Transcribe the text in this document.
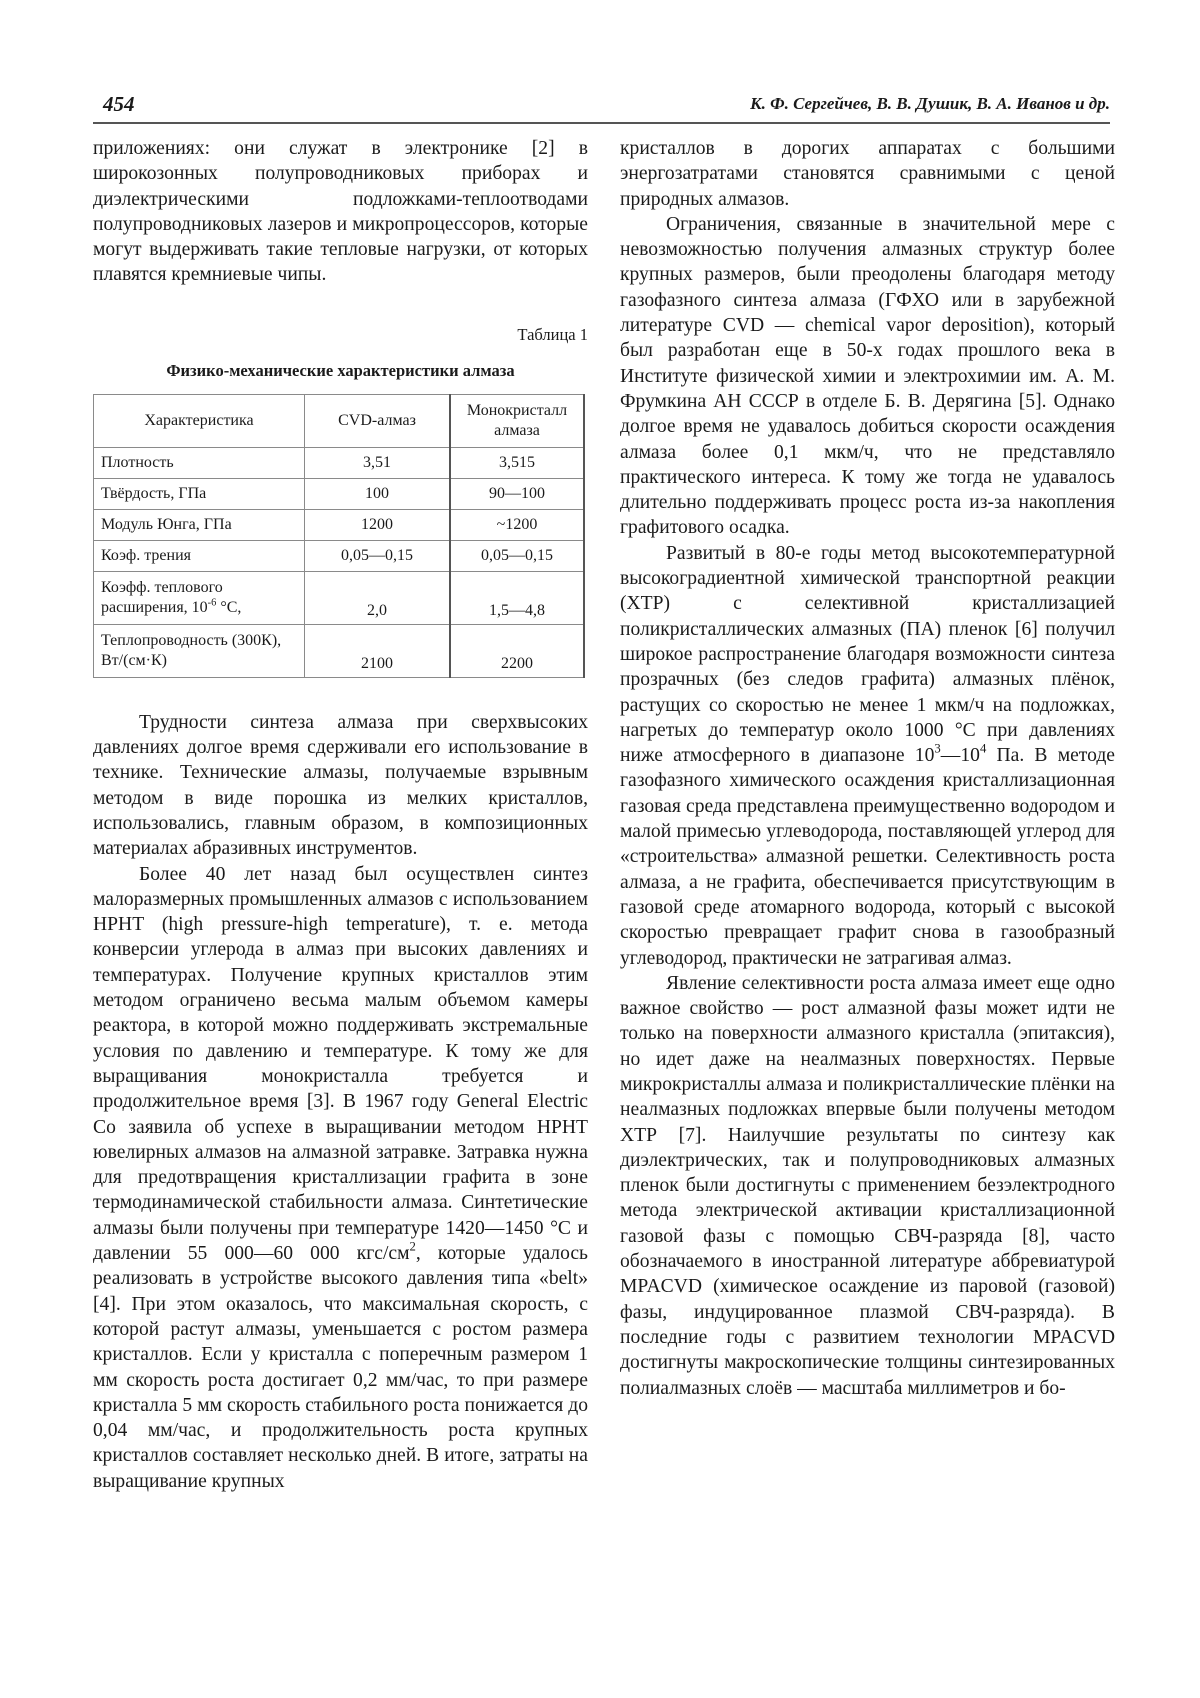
454	К. Ф. Сергейчев, В. В. Душик, В. А. Иванов и др.

приложениях: они служат в электронике [2] в широкозонных полупроводниковых приборах и диэлектрическими подложками-теплоотводами полупроводниковых лазеров и микропроцессоров, которые могут выдерживать такие тепловые нагрузки, от которых плавятся кремниевые чипы.

Таблица 1
Физико-механические характеристики алмаза
Характеристика	CVD-алмаз	Монокристалл алмаза
Плотность	3,51	3,515
Твёрдость, ГПа	100	90—100
Модуль Юнга, ГПа	1200	~1200
Коэф. трения	0,05—0,15	0,05—0,15
Коэфф. теплового расширения, $10^{-6}$ °С,	2,0	1,5—4,8
Теплопроводность (300К), Вт/(см·К)	2100	2200

Трудности синтеза алмаза при сверхвысоких давлениях долгое время сдерживали его использование в технике. Технические алмазы, получаемые взрывным методом в виде порошка из мелких кристаллов, использовались, главным образом, в композиционных материалах абразивных инструментов.

Более 40 лет назад был осуществлен синтез малоразмерных промышленных алмазов с использованием HPHT (high pressure-high temperature), т. е. метода конверсии углерода в алмаз при высоких давлениях и температурах. Получение крупных кристаллов этим методом ограничено весьма малым объемом камеры реактора, в которой можно поддерживать экстремальные условия по давлению и температуре. К тому же для выращивания монокристалла требуется и продолжительное время [3]. В 1967 году General Electric Co заявила об успехе в выращивании методом HPHT ювелирных алмазов на алмазной затравке. Затравка нужна для предотвращения кристаллизации графита в зоне термодинамической стабильности алмаза. Синтетические алмазы были получены при температуре 1420—1450 °С и давлении 55 000—60 000 кгс/$см^2$, которые удалось реализовать в устройстве высокого давления типа «belt» [4]. При этом оказалось, что максимальная скорость, с которой растут алмазы, уменьшается с ростом размера кристаллов. Если у кристалла с поперечным размером 1 мм скорость роста достигает 0,2 мм/час, то при размере кристалла 5 мм скорость стабильного роста понижается до 0,04 мм/час, и продолжительность роста крупных кристаллов составляет несколько дней. В итоге, затраты на выращивание крупных

кристаллов в дорогих аппаратах с большими энергозатратами становятся сравнимыми с ценой природных алмазов.

Ограничения, связанные в значительной мере с невозможностью получения алмазных структур более крупных размеров, были преодолены благодаря методу газофазного синтеза алмаза (ГФХО или в зарубежной литературе CVD — chemical vapor deposition), который был разработан еще в 50-х годах прошлого века в Институте физической химии и электрохимии им. А. М. Фрумкина АН СССР в отделе Б. В. Дерягина [5]. Однако долгое время не удавалось добиться скорости осаждения алмаза более 0,1 мкм/ч, что не представляло практического интереса. К тому же тогда не удавалось длительно поддерживать процесс роста из-за накопления графитового осадка.

Развитый в 80-е годы метод высокотемпературной высокоградиентной химической транспортной реакции (ХТР) с селективной кристаллизацией поликристаллических алмазных (ПА) пленок [6] получил широкое распространение благодаря возможности синтеза прозрачных (без следов графита) алмазных плёнок, растущих со скоростью не менее 1 мкм/ч на подложках, нагретых до температур около 1000 °С при давлениях ниже атмосферного в диапазоне $10^3—10^4$ Па. В методе газофазного химического осаждения кристаллизационная газовая среда представлена преимущественно водородом и малой примесью углеводорода, поставляющей углерод для «строительства» алмазной решетки. Селективность роста алмаза, а не графита, обеспечивается присутствующим в газовой среде атомарного водорода, который с высокой скоростью превращает графит снова в газообразный углеводород, практически не затрагивая алмаз.

Явление селективности роста алмаза имеет еще одно важное свойство — рост алмазной фазы может идти не только на поверхности алмазного кристалла (эпитаксия), но идет даже на неалмазных поверхностях. Первые микрокристаллы алмаза и поликристаллические плёнки на неалмазных подложках впервые были получены методом ХТР [7]. Наилучшие результаты по синтезу как диэлектрических, так и полупроводниковых алмазных пленок были достигнуты с применением безэлектродного метода электрической активации кристаллизационной газовой фазы с помощью СВЧ-разряда [8], часто обозначаемого в иностранной литературе аббревиатурой MPACVD (химическое осаждение из паровой (газовой) фазы, индуцированное плазмой СВЧ-разряда). В последние годы с развитием технологии MPACVD достигнуты макроскопические толщины синтезированных полиалмазных слоёв — масштаба миллиметров и бо-
